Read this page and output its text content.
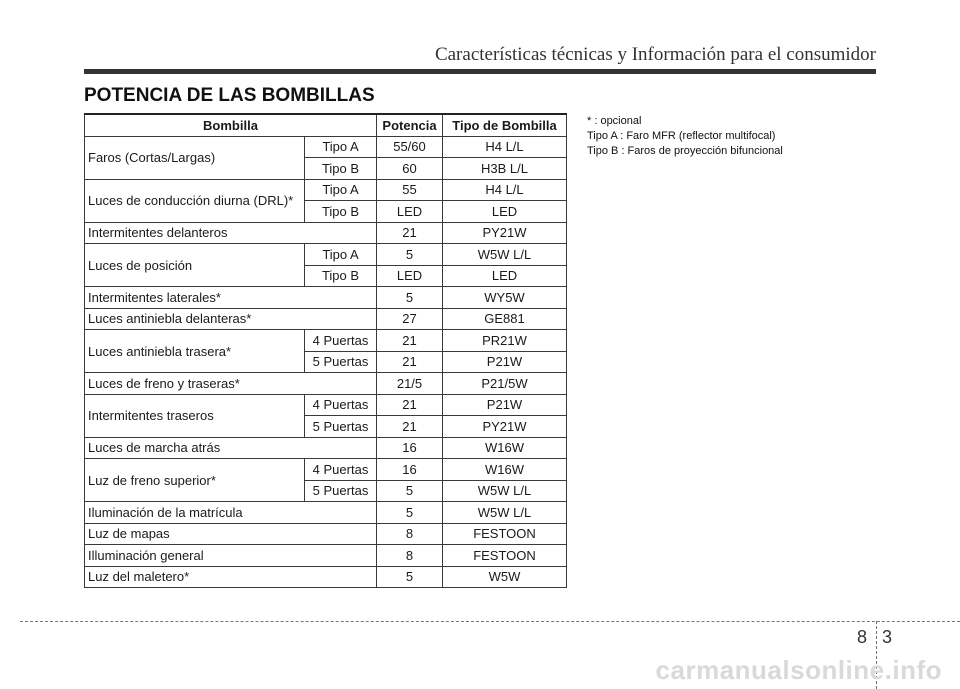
Características técnicas y Información para el consumidor
POTENCIA DE LAS BOMBILLAS
Bombilla		Potencia	Tipo de Bombilla
Faros (Cortas/Largas)	Tipo A	55/60	H4 L/L
	Tipo B	60	H3B L/L
Luces de conducción diurna (DRL)*	Tipo A	55	H4 L/L
	Tipo B	LED	LED
Intermitentes delanteros		21	PY21W
Luces de posición	Tipo A	5	W5W L/L
	Tipo B	LED	LED
Intermitentes laterales*		5	WY5W
Luces antiniebla delanteras*		27	GE881
Luces antiniebla trasera*	4 Puertas	21	PR21W
	5 Puertas	21	P21W
Luces de freno y traseras*		21/5	P21/5W
Intermitentes traseros	4 Puertas	21	P21W
	5 Puertas	21	PY21W
Luces de marcha atrás		16	W16W
Luz de freno superior*	4 Puertas	16	W16W
	5 Puertas	5	W5W L/L
Iluminación de la matrícula		5	W5W L/L
Luz de mapas		8	FESTOON
Illuminación general		8	FESTOON
Luz del maletero*		5	W5W
* : opcional
Tipo A : Faro MFR (reflector multifocal)
Tipo B : Faros de proyección bifuncional
8 3
carmanualsonline.info
